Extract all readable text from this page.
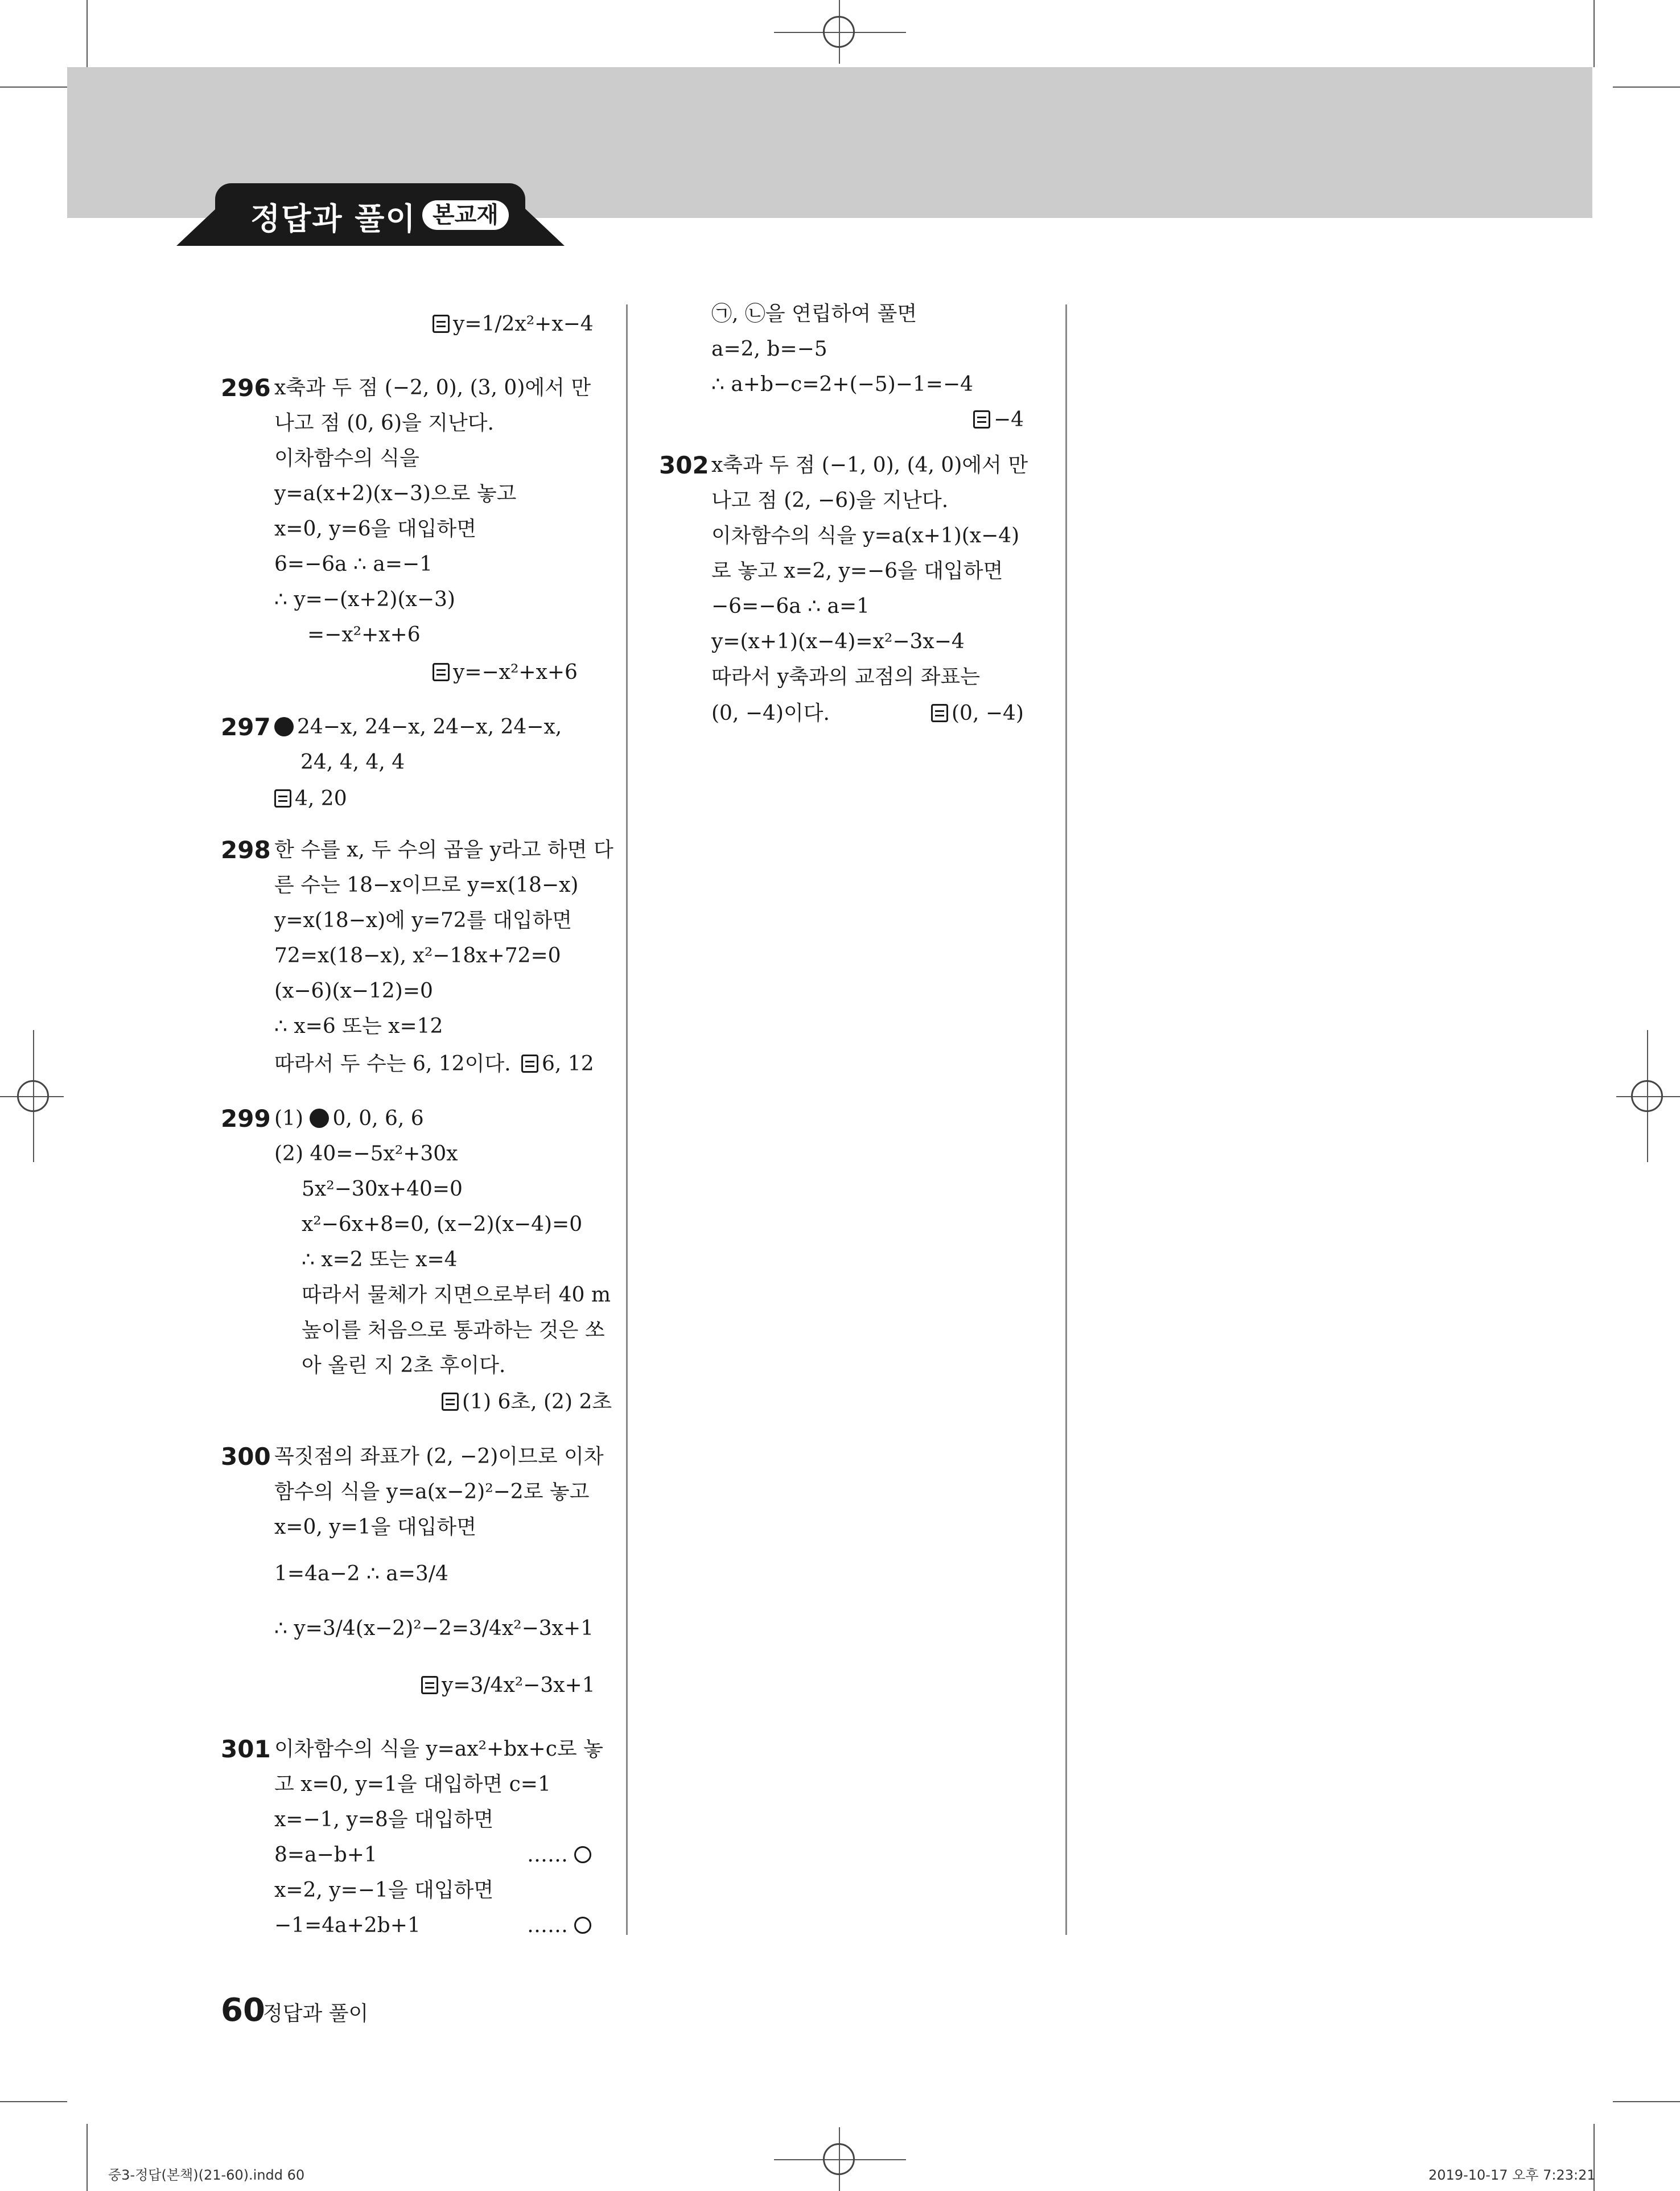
정답과 풀이 본교재
y=1/2x²+x−4
296 x축과 두 점 (−2, 0), (3, 0)에서 만
나고 점 (0, 6)을 지난다.
이차함수의 식을
y=a(x+2)(x−3)으로 놓고
x=0, y=6을 대입하면
6=−6a ∴ a=−1
∴ y=−(x+2)(x−3)
=−x²+x+6
y=−x²+x+6
297	24−x, 24−x, 24−x, 24−x,
24, 4, 4, 4
4, 20
298 한 수를 x, 두 수의 곱을 y라고 하면 다
른 수는 18−x이므로 y=x(18−x)
y=x(18−x)에 y=72를 대입하면
72=x(18−x), x²−18x+72=0
(x−6)(x−12)=0
∴ x=6 또는 x=12
따라서 두 수는 6, 12이다.	6, 12
299 (1) 0, 0, 6, 6
(2) 40=−5x²+30x
5x²−30x+40=0
x²−6x+8=0, (x−2)(x−4)=0
∴ x=2 또는 x=4
따라서 물체가 지면으로부터 40 m
높이를 처음으로 통과하는 것은 쏘
아 올린 지 2초 후이다.
(1) 6초, (2) 2초
300 꼭짓점의 좌표가 (2, −2)이므로 이차
함수의 식을 y=a(x−2)²−2로 놓고
x=0, y=1을 대입하면
1=4a−2 ∴ a=3/4
∴ y=3/4(x−2)²−2=3/4x²−3x+1
y=3/4x²−3x+1
301 이차함수의 식을 y=ax²+bx+c로 놓
고 x=0, y=1을 대입하면 c=1
x=−1, y=8을 대입하면
8=a−b+1	……
x=2, y=−1을 대입하면
−1=4a+2b+1	……
㉠, ㉡을 연립하여 풀면
a=2, b=−5
∴ a+b−c=2+(−5)−1=−4
−4
302 x축과 두 점 (−1, 0), (4, 0)에서 만
나고 점 (2, −6)을 지난다.
이차함수의 식을 y=a(x+1)(x−4)
로 놓고 x=2, y=−6을 대입하면
−6=−6a ∴ a=1
y=(x+1)(x−4)=x²−3x−4
따라서 y축과의 교점의 좌표는
(0, −4)이다.	(0, −4)
60
정답과 풀이
중3-정답(본책)(21-60).indd 60	2019-10-17 오후 7:23:21
